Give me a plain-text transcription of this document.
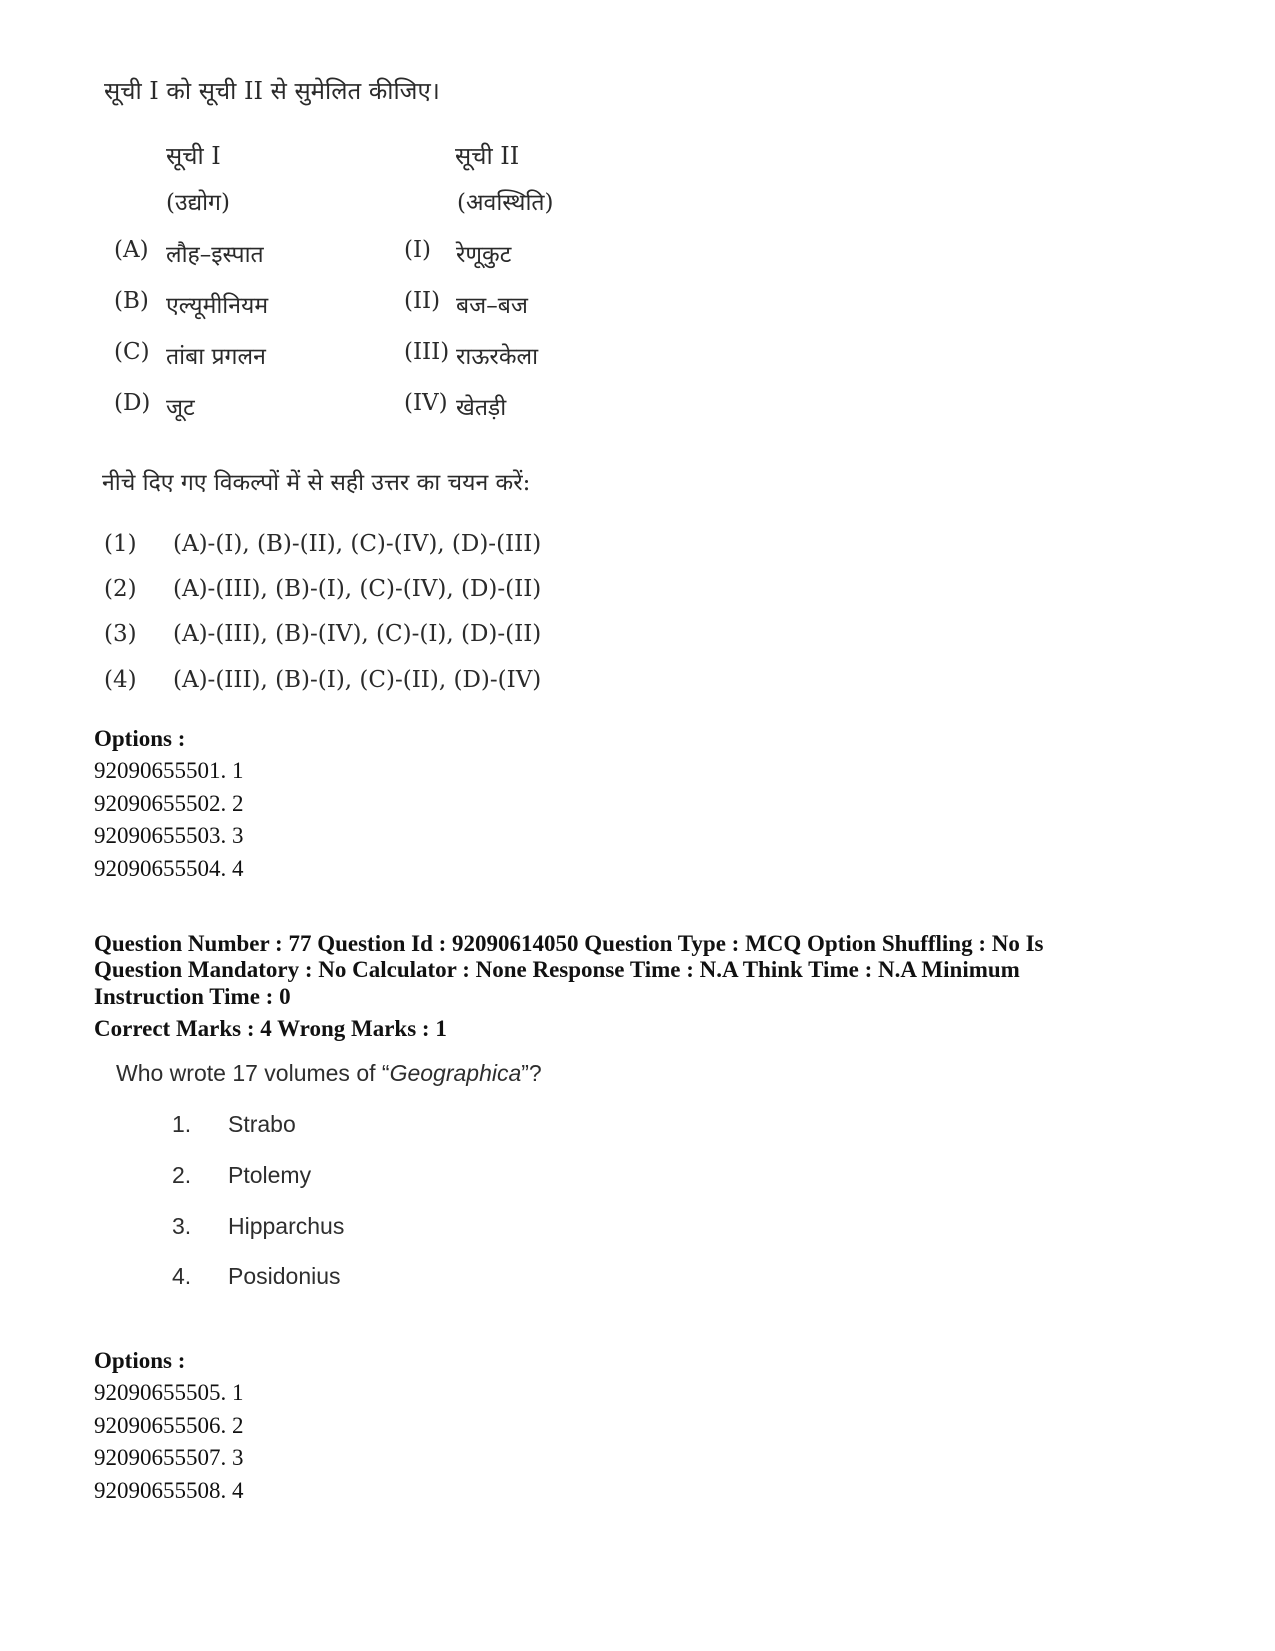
सूची I को सूची II से सुमेलित कीजिए।
सूची I	सूची II
(उद्योग)	(अवस्थिति)
(A) लौह–इस्पात
(B) एल्यूमीनियम
(C) तांबा प्रगलन
(D) जूट
(I) रेणूकुट
(II) बज–बज
(III) राऊरकेला
(IV) खेतड़ी
नीचे दिए गए विकल्पों में से सही उत्तर का चयन करें:
(1) (A)-(I), (B)-(II), (C)-(IV), (D)-(III)
(2) (A)-(III), (B)-(I), (C)-(IV), (D)-(II)
(3) (A)-(III), (B)-(IV), (C)-(I), (D)-(II)
(4) (A)-(III), (B)-(I), (C)-(II), (D)-(IV)
Options :
92090655501. 1
92090655502. 2
92090655503. 3
92090655504. 4
Question Number : 77 Question Id : 92090614050 Question Type : MCQ Option Shuffling : No Is
Question Mandatory : No Calculator : None Response Time : N.A Think Time : N.A Minimum
Instruction Time : 0
Correct Marks : 4 Wrong Marks : 1
Who wrote 17 volumes of “Geographica”?
1. Strabo
2. Ptolemy
3. Hipparchus
4. Posidonius
Options :
92090655505. 1
92090655506. 2
92090655507. 3
92090655508. 4
